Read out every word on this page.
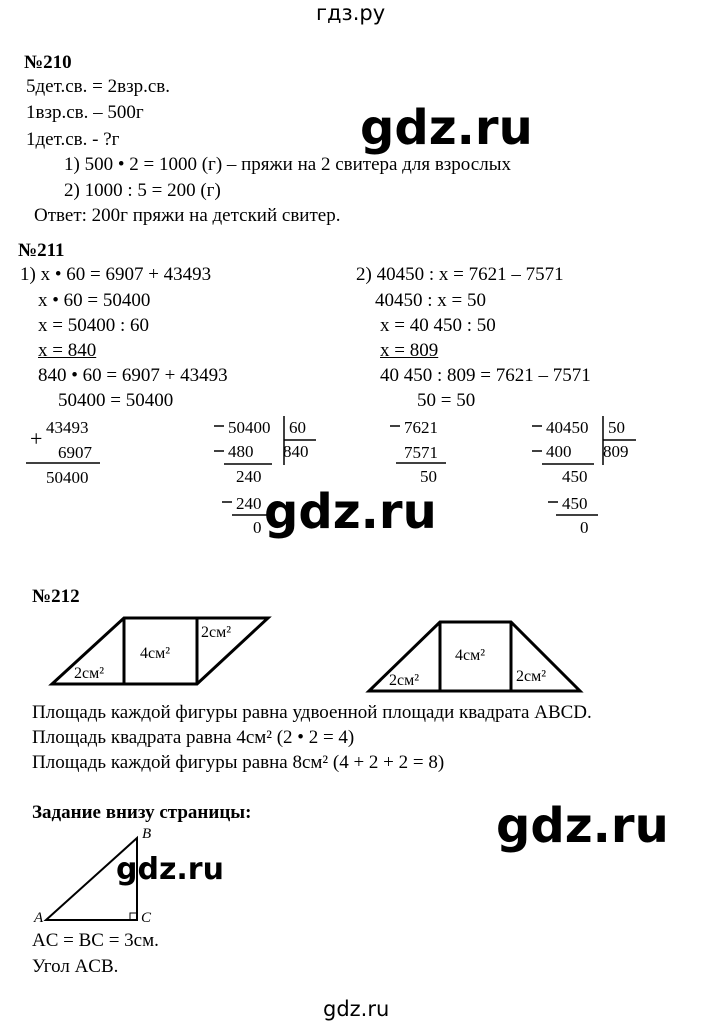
гдз.ру
№210
5дет.св. = 2взр.св.
1взр.св. – 500г
1дет.св. - ?г
1) 500 • 2 = 1000 (г) – пряжи на 2 свитера для взрослых
2) 1000 : 5 = 200 (г)
Ответ: 200г пряжи на детский свитер.
gdz.ru
№211
1) x • 60 = 6907 + 43493
x • 60 = 50400
x = 50400 : 60
x = 840
840 • 60 = 6907 + 43493
50400 = 50400
2) 40450 : x = 7621 – 7571
40450 : x = 50
x = 40 450 : 50
x = 809
40 450 : 809 = 7621 – 7571
50 = 50
+ 43493
6907
50400
50400 60
840
480
240
240
0
7621
7571
50
40450 50
809
400
450
450
0
gdz.ru
№212
2см²
4см²
2см²
2см²
4см²
2см²
Площадь каждой фигуры равна удвоенной площади квадрата ABCD.
Площадь квадрата равна 4см² (2 • 2 = 4)
Площадь каждой фигуры равна 8см² (4 + 2 + 2 = 8)
Задание внизу страницы:
A
B
C
AC = BC = 3см.
Угол ACB.
gdz.ru
gdz.ru
gdz.ru
